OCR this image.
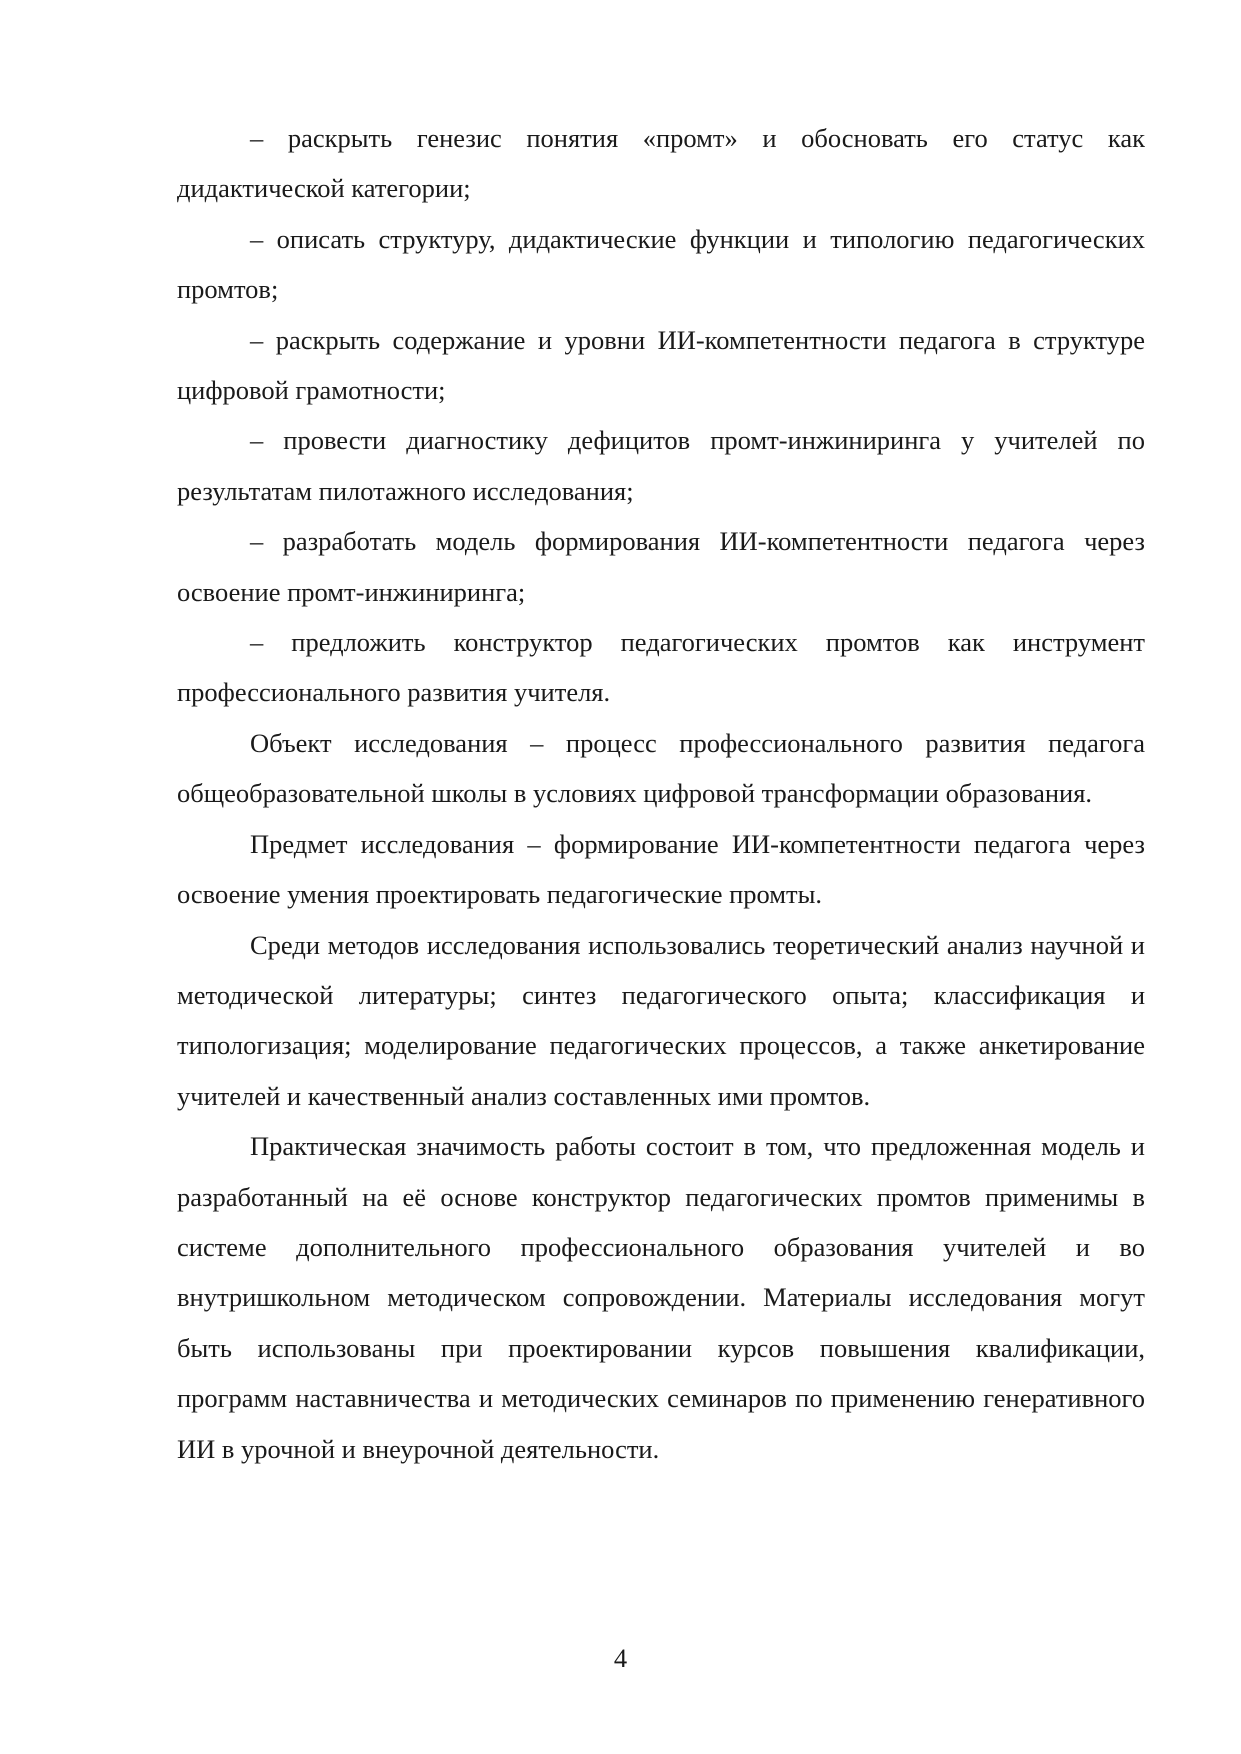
– раскрыть генезис понятия «промт» и обосновать его статус как дидактической категории;

– описать структуру, дидактические функции и типологию педагогических промтов;

– раскрыть содержание и уровни ИИ-компетентности педагога в структуре цифровой грамотности;

– провести диагностику дефицитов промт-инжиниринга у учителей по результатам пилотажного исследования;

– разработать модель формирования ИИ-компетентности педагога через освоение промт-инжиниринга;

– предложить конструктор педагогических промтов как инструмент профессионального развития учителя.

Объект исследования – процесс профессионального развития педагога общеобразовательной школы в условиях цифровой трансформации образования.

Предмет исследования – формирование ИИ-компетентности педагога через освоение умения проектировать педагогические промты.

Среди методов исследования использовались теоретический анализ научной и методической литературы; синтез педагогического опыта; классификация и типологизация; моделирование педагогических процессов, а также анкетирование учителей и качественный анализ составленных ими промтов.

Практическая значимость работы состоит в том, что предложенная модель и разработанный на её основе конструктор педагогических промтов применимы в системе дополнительного профессионального образования учителей и во внутришкольном методическом сопровождении. Материалы исследования могут быть использованы при проектировании курсов повышения квалификации, программ наставничества и методических семинаров по применению генеративного ИИ в урочной и внеурочной деятельности.

4
